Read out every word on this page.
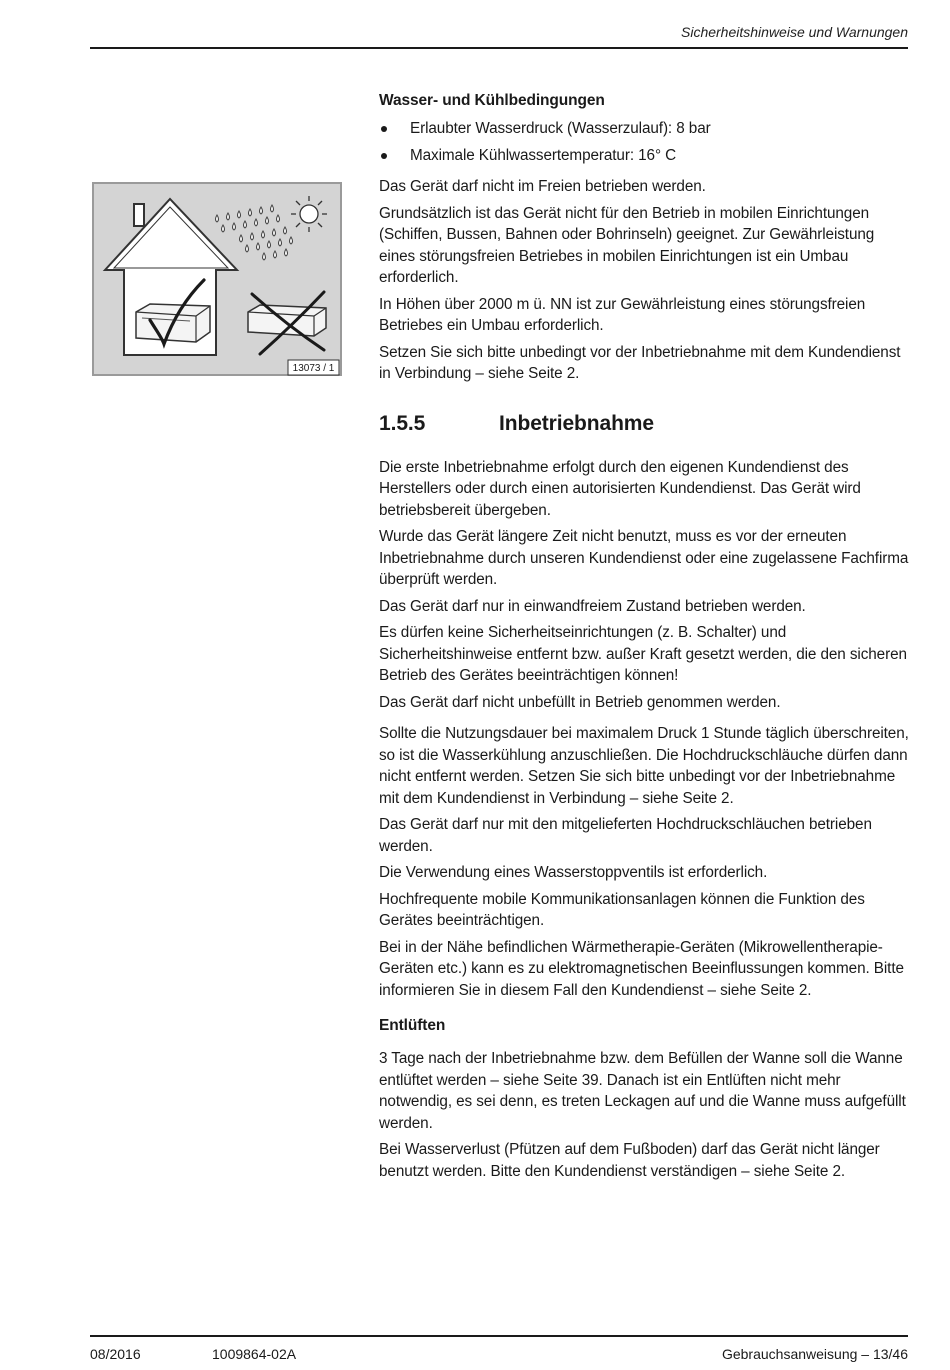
Sicherheitshinweise und Warnungen
13073 / 1
Wasser- und Kühlbedingungen
Erlaubter Wasserdruck (Wasserzulauf): 8 bar
Maximale Kühlwassertemperatur: 16° C

Das Gerät darf nicht im Freien betrieben werden.

Grundsätzlich ist das Gerät nicht für den Betrieb in mobilen Einrichtungen (Schiffen, Bussen, Bahnen oder Bohrinseln) geeignet. Zur Gewährleistung eines störungsfreien Betriebes in mobilen Einrichtungen ist ein Umbau erforderlich.

In Höhen über 2000 m ü. NN ist zur Gewährleistung eines störungsfreien Betriebes ein Umbau erforderlich.

Setzen Sie sich bitte unbedingt vor der Inbetriebnahme mit dem Kundendienst in Verbindung – siehe Seite 2.

1.5.5	Inbetriebnahme

Die erste Inbetriebnahme erfolgt durch den eigenen Kundendienst des Herstellers oder durch einen autorisierten Kundendienst. Das Gerät wird betriebsbereit übergeben.

Wurde das Gerät längere Zeit nicht benutzt, muss es vor der erneuten Inbetriebnahme durch unseren Kundendienst oder eine zugelassene Fachfirma überprüft werden.

Das Gerät darf nur in einwandfreiem Zustand betrieben werden.

Es dürfen keine Sicherheitseinrichtungen (z. B. Schalter) und Sicherheitshinweise entfernt bzw. außer Kraft gesetzt werden, die den sicheren Betrieb des Gerätes beeinträchtigen können!

Das Gerät darf nicht unbefüllt in Betrieb genommen werden.

Sollte die Nutzungsdauer bei maximalem Druck 1 Stunde täglich überschreiten, so ist die Wasserkühlung anzuschließen. Die Hochdruckschläuche dürfen dann nicht entfernt werden. Setzen Sie sich bitte unbedingt vor der Inbetriebnahme mit dem Kundendienst in Verbindung – siehe Seite 2.

Das Gerät darf nur mit den mitgelieferten Hochdruckschläuchen betrieben werden.

Die Verwendung eines Wasserstoppventils ist erforderlich.

Hochfrequente mobile Kommunikationsanlagen können die Funktion des Gerätes beeinträchtigen.

Bei in der Nähe befindlichen Wärmetherapie-Geräten (Mikrowellentherapie-Geräten etc.) kann es zu elektromagnetischen Beeinflussungen kommen. Bitte informieren Sie in diesem Fall den Kundendienst – siehe Seite 2.

Entlüften

3 Tage nach der Inbetriebnahme bzw. dem Befüllen der Wanne soll die Wanne entlüftet werden – siehe Seite 39. Danach ist ein Entlüften nicht mehr notwendig, es sei denn, es treten Leckagen auf und die Wanne muss aufgefüllt werden.

Bei Wasserverlust (Pfützen auf dem Fußboden) darf das Gerät nicht länger benutzt werden. Bitte den Kundendienst verständigen – siehe Seite 2.

08/2016	1009864-02A	Gebrauchsanweisung – 13/46
